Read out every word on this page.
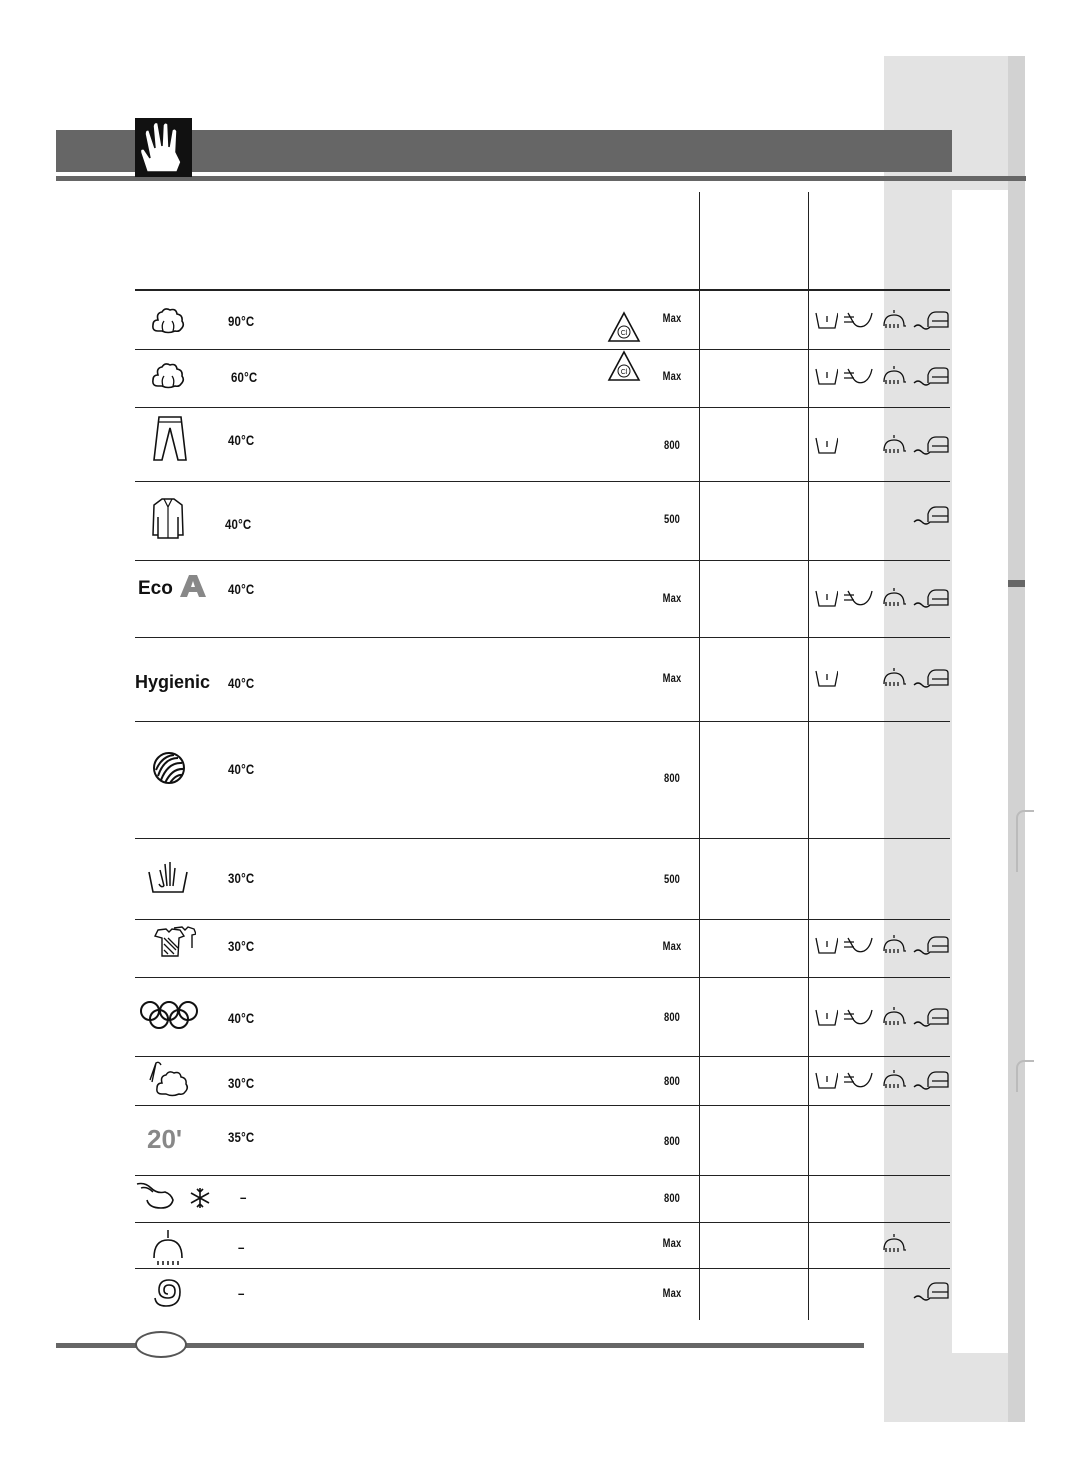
Eco
Hygienic
20'
90°C
60°C
40°C
40°C
40°C
40°C
40°C
30°C
30°C
40°C
30°C
35°C
–
–
–
Cl
Cl
Max
Max
800
500
Max
Max
800
500
Max
800
800
800
800
Max
Max
